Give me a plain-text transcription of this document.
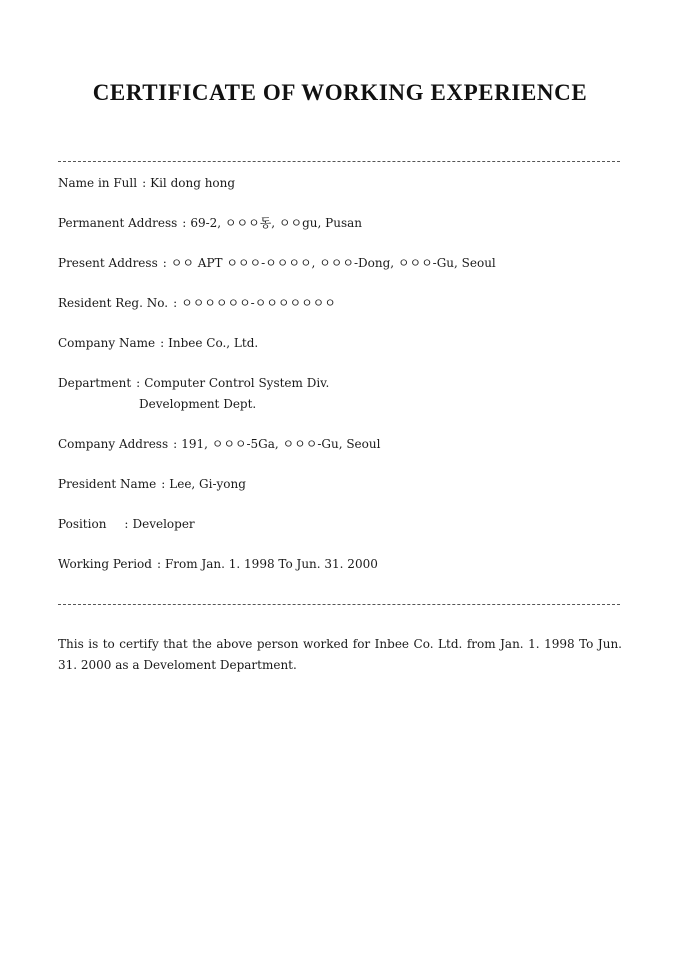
CERTIFICATE OF WORKING EXPERIENCE
Name in Full : Kil dong hong
Permanent Address : 69-2, ㅇㅇㅇ동, ㅇㅇgu, Pusan
Present Address : ㅇㅇ APT ㅇㅇㅇ-ㅇㅇㅇㅇ, ㅇㅇㅇ-Dong, ㅇㅇㅇ-Gu, Seoul
Resident Reg. No. : ㅇㅇㅇㅇㅇㅇ-ㅇㅇㅇㅇㅇㅇㅇ
Company Name : Inbee Co., Ltd.
Department : Computer Control System Div.
Development Dept.
Company Address : 191, ㅇㅇㅇ-5Ga, ㅇㅇㅇ-Gu, Seoul
President Name : Lee, Gi-yong
Position : Developer
Working Period : From Jan. 1. 1998 To Jun. 31. 2000
This is to certify that the above person worked for Inbee Co. Ltd. from Jan. 1. 1998 To Jun. 31. 2000 as a Develoment Department.
